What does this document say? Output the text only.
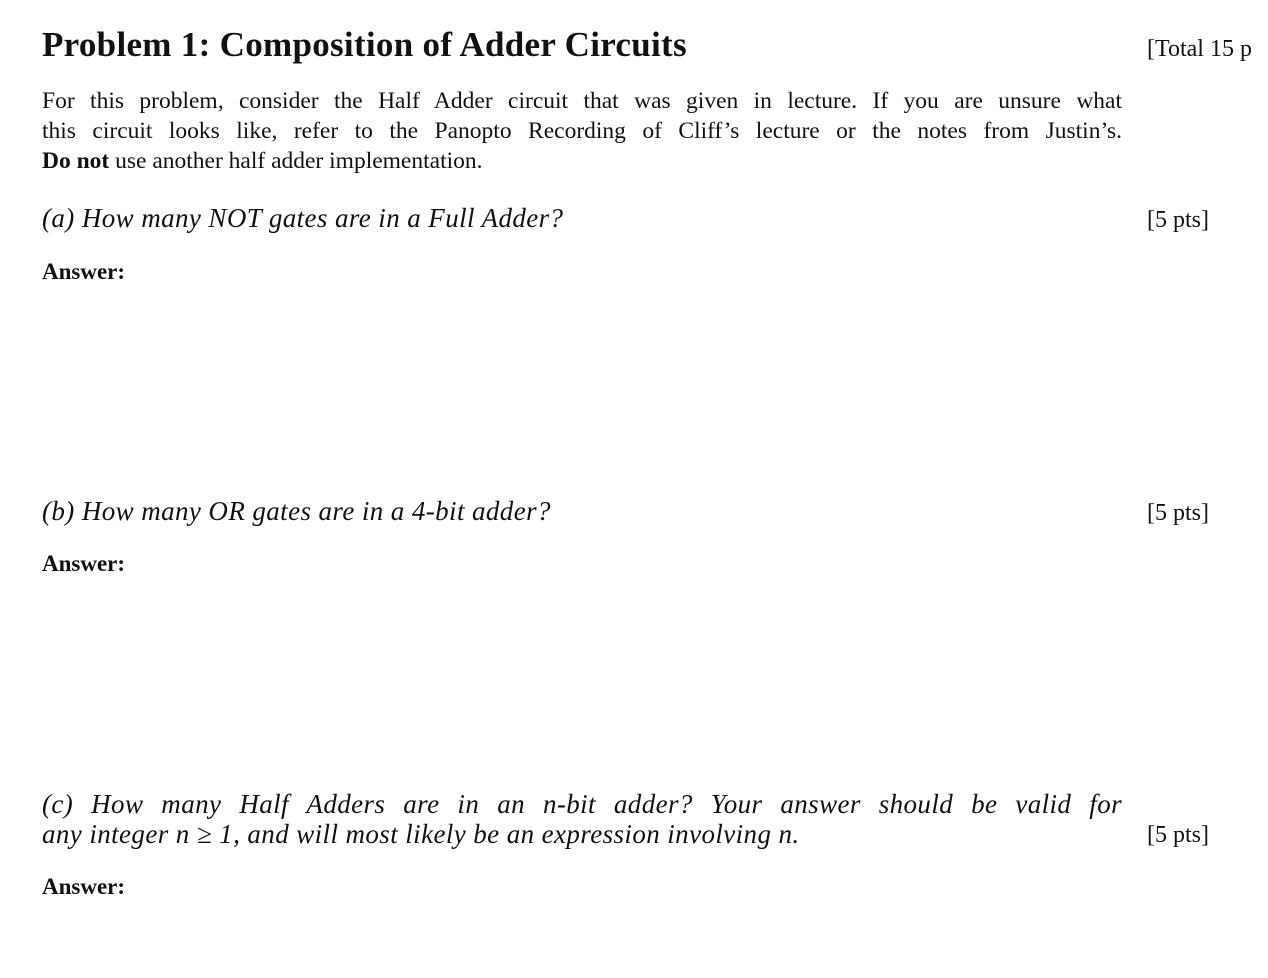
Problem 1: Composition of Adder Circuits	[Total 15 p
For this problem, consider the Half Adder circuit that was given in lecture. If you are unsure what
this circuit looks like, refer to the Panopto Recording of Cliff’s lecture or the notes from Justin’s.
Do not use another half adder implementation.
(a) How many NOT gates are in a Full Adder?	[5 pts]
Answer:
(b) How many OR gates are in a 4-bit adder?	[5 pts]
Answer:
(c) How many Half Adders are in an n-bit adder? Your answer should be valid for
any integer n ≥ 1, and will most likely be an expression involving n.	[5 pts]
Answer:
